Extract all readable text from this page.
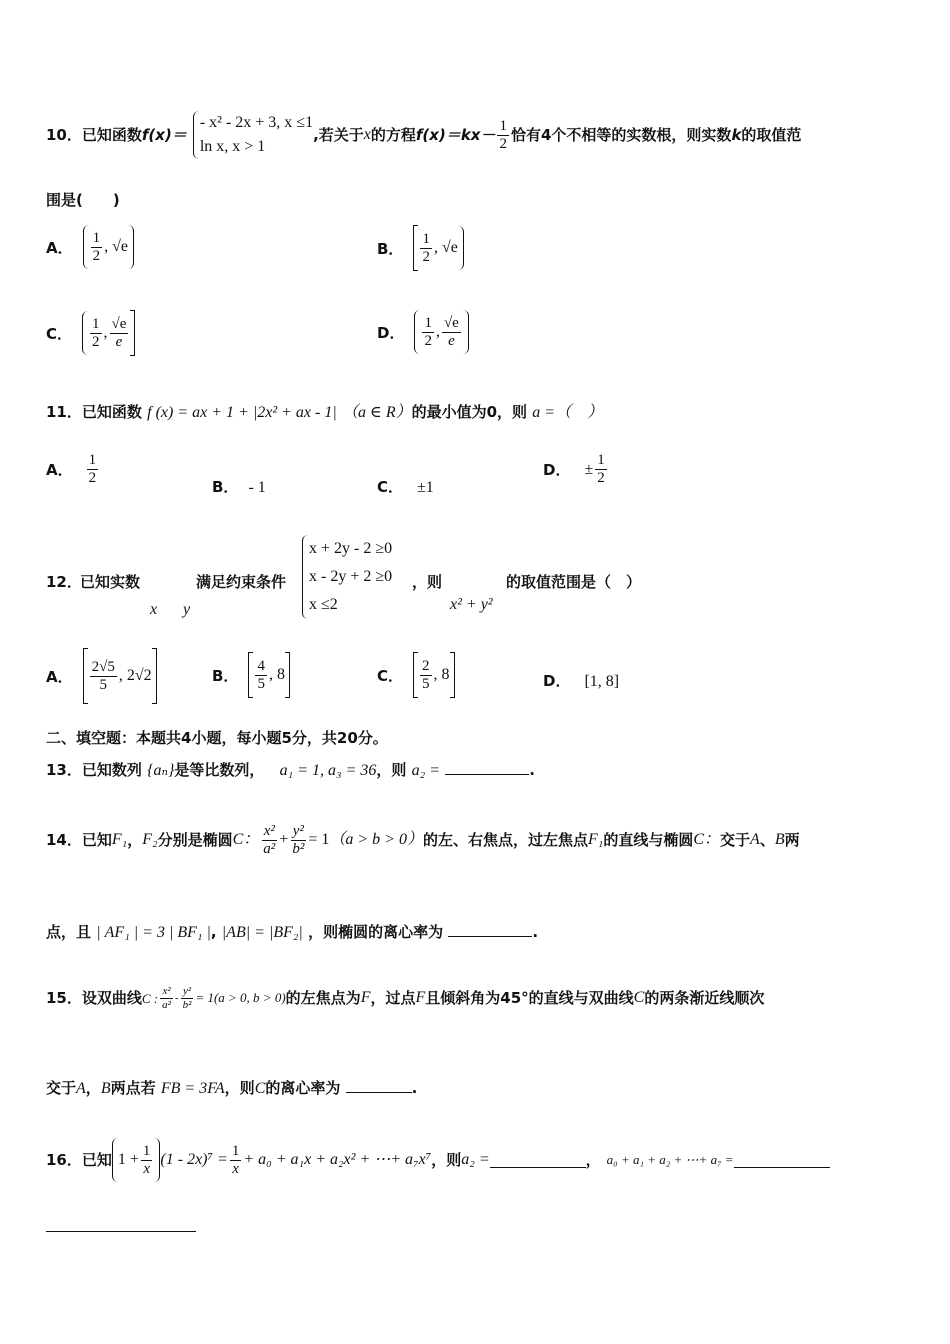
10． 已知函数 f(x)＝
- x² - 2x + 3, x ≤1
ln x, x > 1
,若关于 x 的方程 $f(x)=kx- \frac{1}{2}$ 恰有4个不相等的实数根，则实数 k 的取值范
围是(　　)
A． $\frac{1}{2}$ , √e	B． $\frac{1}{2}$ , √e
C． $\frac{1}{2}$ , $\frac{√e}{e}$	D． $\frac{1}{2}$ , $\frac{√e}{e}$
11．已知函数 f (x) = ax + 1 + |2x² + ax - 1| （a ∈ R）的最小值为0，则 a =（　）
A． $\frac{1}{2}$	B． - 1	C． ±1
D． ± $\frac{1}{2}$
12．
已知实数
x y
满足约束条件
x + 2y - 2 ≥0
x - 2y + 2 ≥0
x ≤2
，则
x² + y²
的取值范围是（　）
A． $\frac{2√5}{5}$ , 2√2	B． $\frac{4}{5}$ , 8	C． $\frac{2}{5}$ , 8	D． [1, 8]
二、填空题：本题共4小题，每小题5分，共20分。
13．已知数列 {aₙ}是等比数列， a₁ = 1, a₃ = 36，则 a₂ =	.
14． 已知 F₁ ， F₂ 分别是椭圆 C： $\frac{\text{x²}}{\text{a²}} + \frac{\text{y²}}{\text{b²}} = 1$ （a > b > 0） 的左、右焦点，过左焦点 F₁ 的直线与椭圆 C： 交于 A 、 B 两
点，且 | AF₁ | = 3 | BF₁ |, |AB| = |BF₂| ，则椭圆的离心率为	.
15． 设双曲线 C : $\frac{\text{x²}}{\text{a²}} - \frac{\text{y²}}{\text{b²}} = 1(a > 0$, b > 0) 的左焦点为 F ，过点 F 且倾斜角为45°的直线与双曲线 C 的两条渐近线顺次
交于A，B两点若 FB = 3FA，则C的离心率为	.
16． 已知 $1 + \frac{1}{x} (1 - 2x)^7 = \frac{1}{x} + a_0 + a_1x + a_2x^2$ + ⋯+ a₇x⁷ ，则 a₂ =	， a₀ + a₁ + a₂ + ⋯+ a₇ =
